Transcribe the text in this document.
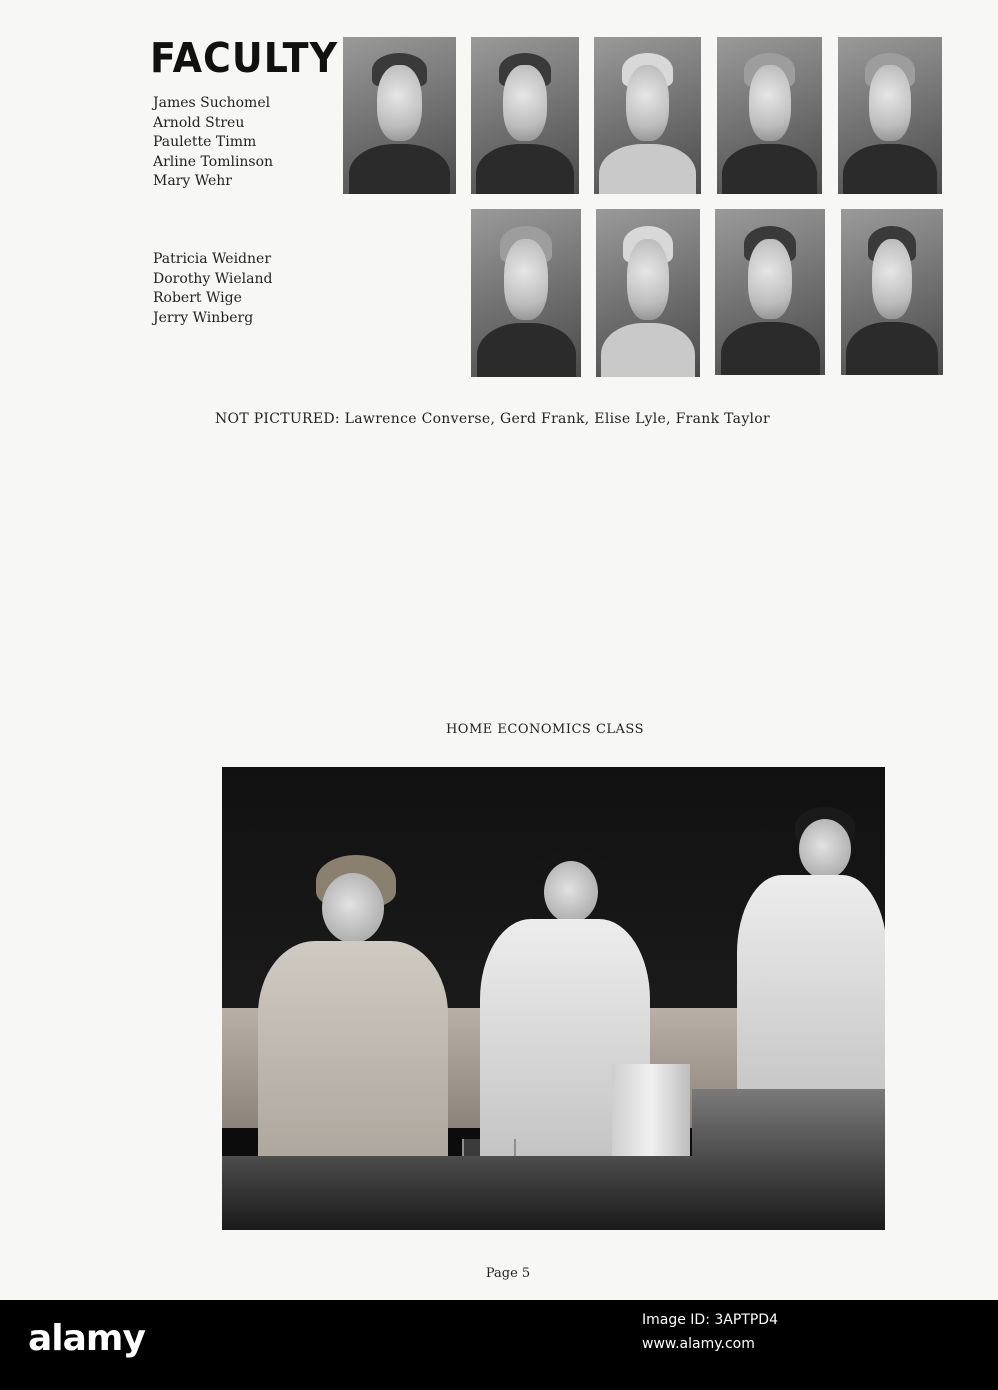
FACULTY
James Suchomel
Arnold Streu
Paulette Timm
Arline Tomlinson
Mary Wehr
Patricia Weidner
Dorothy Wieland
Robert Wige
Jerry Winberg
NOT PICTURED: Lawrence Converse, Gerd Frank, Elise Lyle, Frank Taylor
HOME ECONOMICS CLASS
Page 5
alamy	Image ID: 3APTPD4
www.alamy.com
